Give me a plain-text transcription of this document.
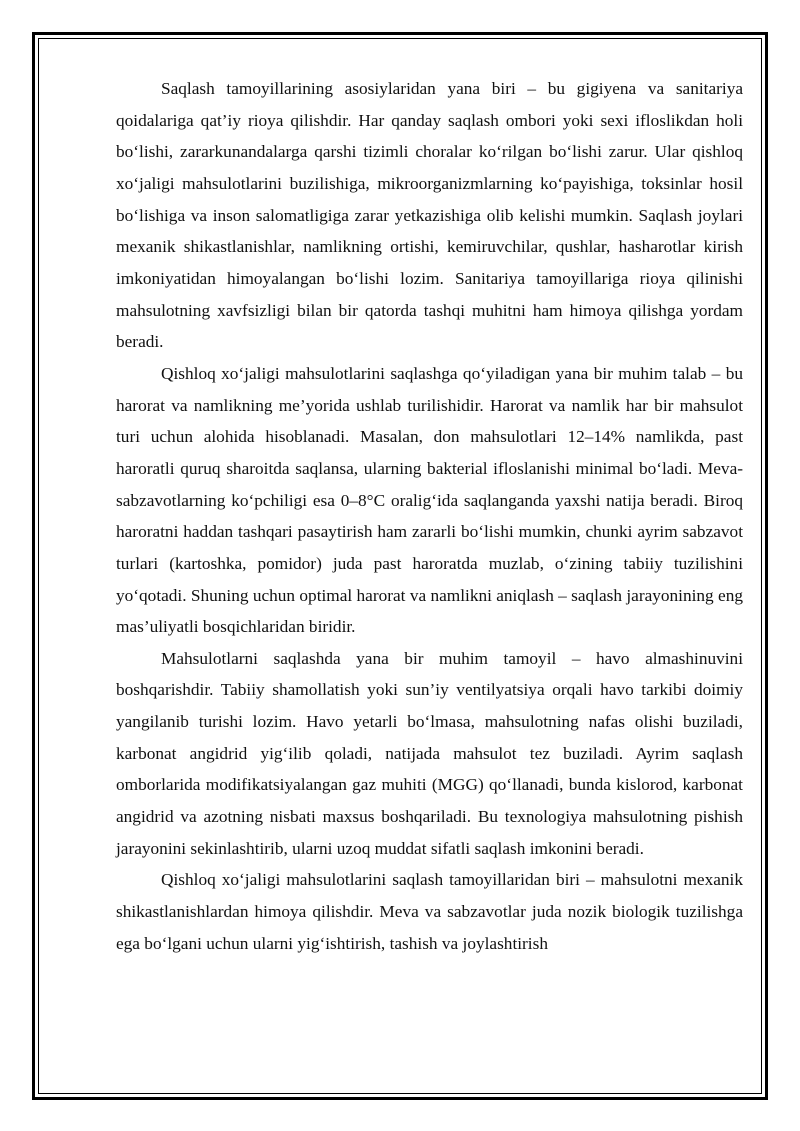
Saqlash tamoyillarining asosiylaridan yana biri – bu gigiyena va sanitariya qoidalariga qat’iy rioya qilishdir. Har qanday saqlash ombori yoki sexi ifloslikdan holi bo‘lishi, zararkunandalarga qarshi tizimli choralar ko‘rilgan bo‘lishi zarur. Ular qishloq xo‘jaligi mahsulotlarini buzilishiga, mikroorganizmlarning ko‘payishiga, toksinlar hosil bo‘lishiga va inson salomatligiga zarar yetkazishiga olib kelishi mumkin. Saqlash joylari mexanik shikastlanishlar, namlikning ortishi, kemiruvchilar, qushlar, hasharotlar kirish imkoniyatidan himoyalangan bo‘lishi lozim. Sanitariya tamoyillariga rioya qilinishi mahsulotning xavfsizligi bilan bir qatorda tashqi muhitni ham himoya qilishga yordam beradi.

Qishloq xo‘jaligi mahsulotlarini saqlashga qo‘yiladigan yana bir muhim talab – bu harorat va namlikning me’yorida ushlab turilishidir. Harorat va namlik har bir mahsulot turi uchun alohida hisoblanadi. Masalan, don mahsulotlari 12–14% namlikda, past haroratli quruq sharoitda saqlansa, ularning bakterial ifloslanishi minimal bo‘ladi. Meva-sabzavotlarning ko‘pchiligi esa 0–8°C oralig‘ida saqlanganda yaxshi natija beradi. Biroq haroratni haddan tashqari pasaytirish ham zararli bo‘lishi mumkin, chunki ayrim sabzavot turlari (kartoshka, pomidor) juda past haroratda muzlab, o‘zining tabiiy tuzilishini yo‘qotadi. Shuning uchun optimal harorat va namlikni aniqlash – saqlash jarayonining eng mas’uliyatli bosqichlaridan biridir.

Mahsulotlarni saqlashda yana bir muhim tamoyil – havo almashinuvini boshqarishdir. Tabiiy shamollatish yoki sun’iy ventilyatsiya orqali havo tarkibi doimiy yangilanib turishi lozim. Havo yetarli bo‘lmasa, mahsulotning nafas olishi buziladi, karbonat angidrid yig‘ilib qoladi, natijada mahsulot tez buziladi. Ayrim saqlash omborlarida modifikatsiyalangan gaz muhiti (MGG) qo‘llanadi, bunda kislorod, karbonat angidrid va azotning nisbati maxsus boshqariladi. Bu texnologiya mahsulotning pishish jarayonini sekinlashtirib, ularni uzoq muddat sifatli saqlash imkonini beradi.

Qishloq xo‘jaligi mahsulotlarini saqlash tamoyillaridan biri – mahsulotni mexanik shikastlanishlardan himoya qilishdir. Meva va sabzavotlar juda nozik biologik tuzilishga ega bo‘lgani uchun ularni yig‘ishtirish, tashish va joylashtirish
